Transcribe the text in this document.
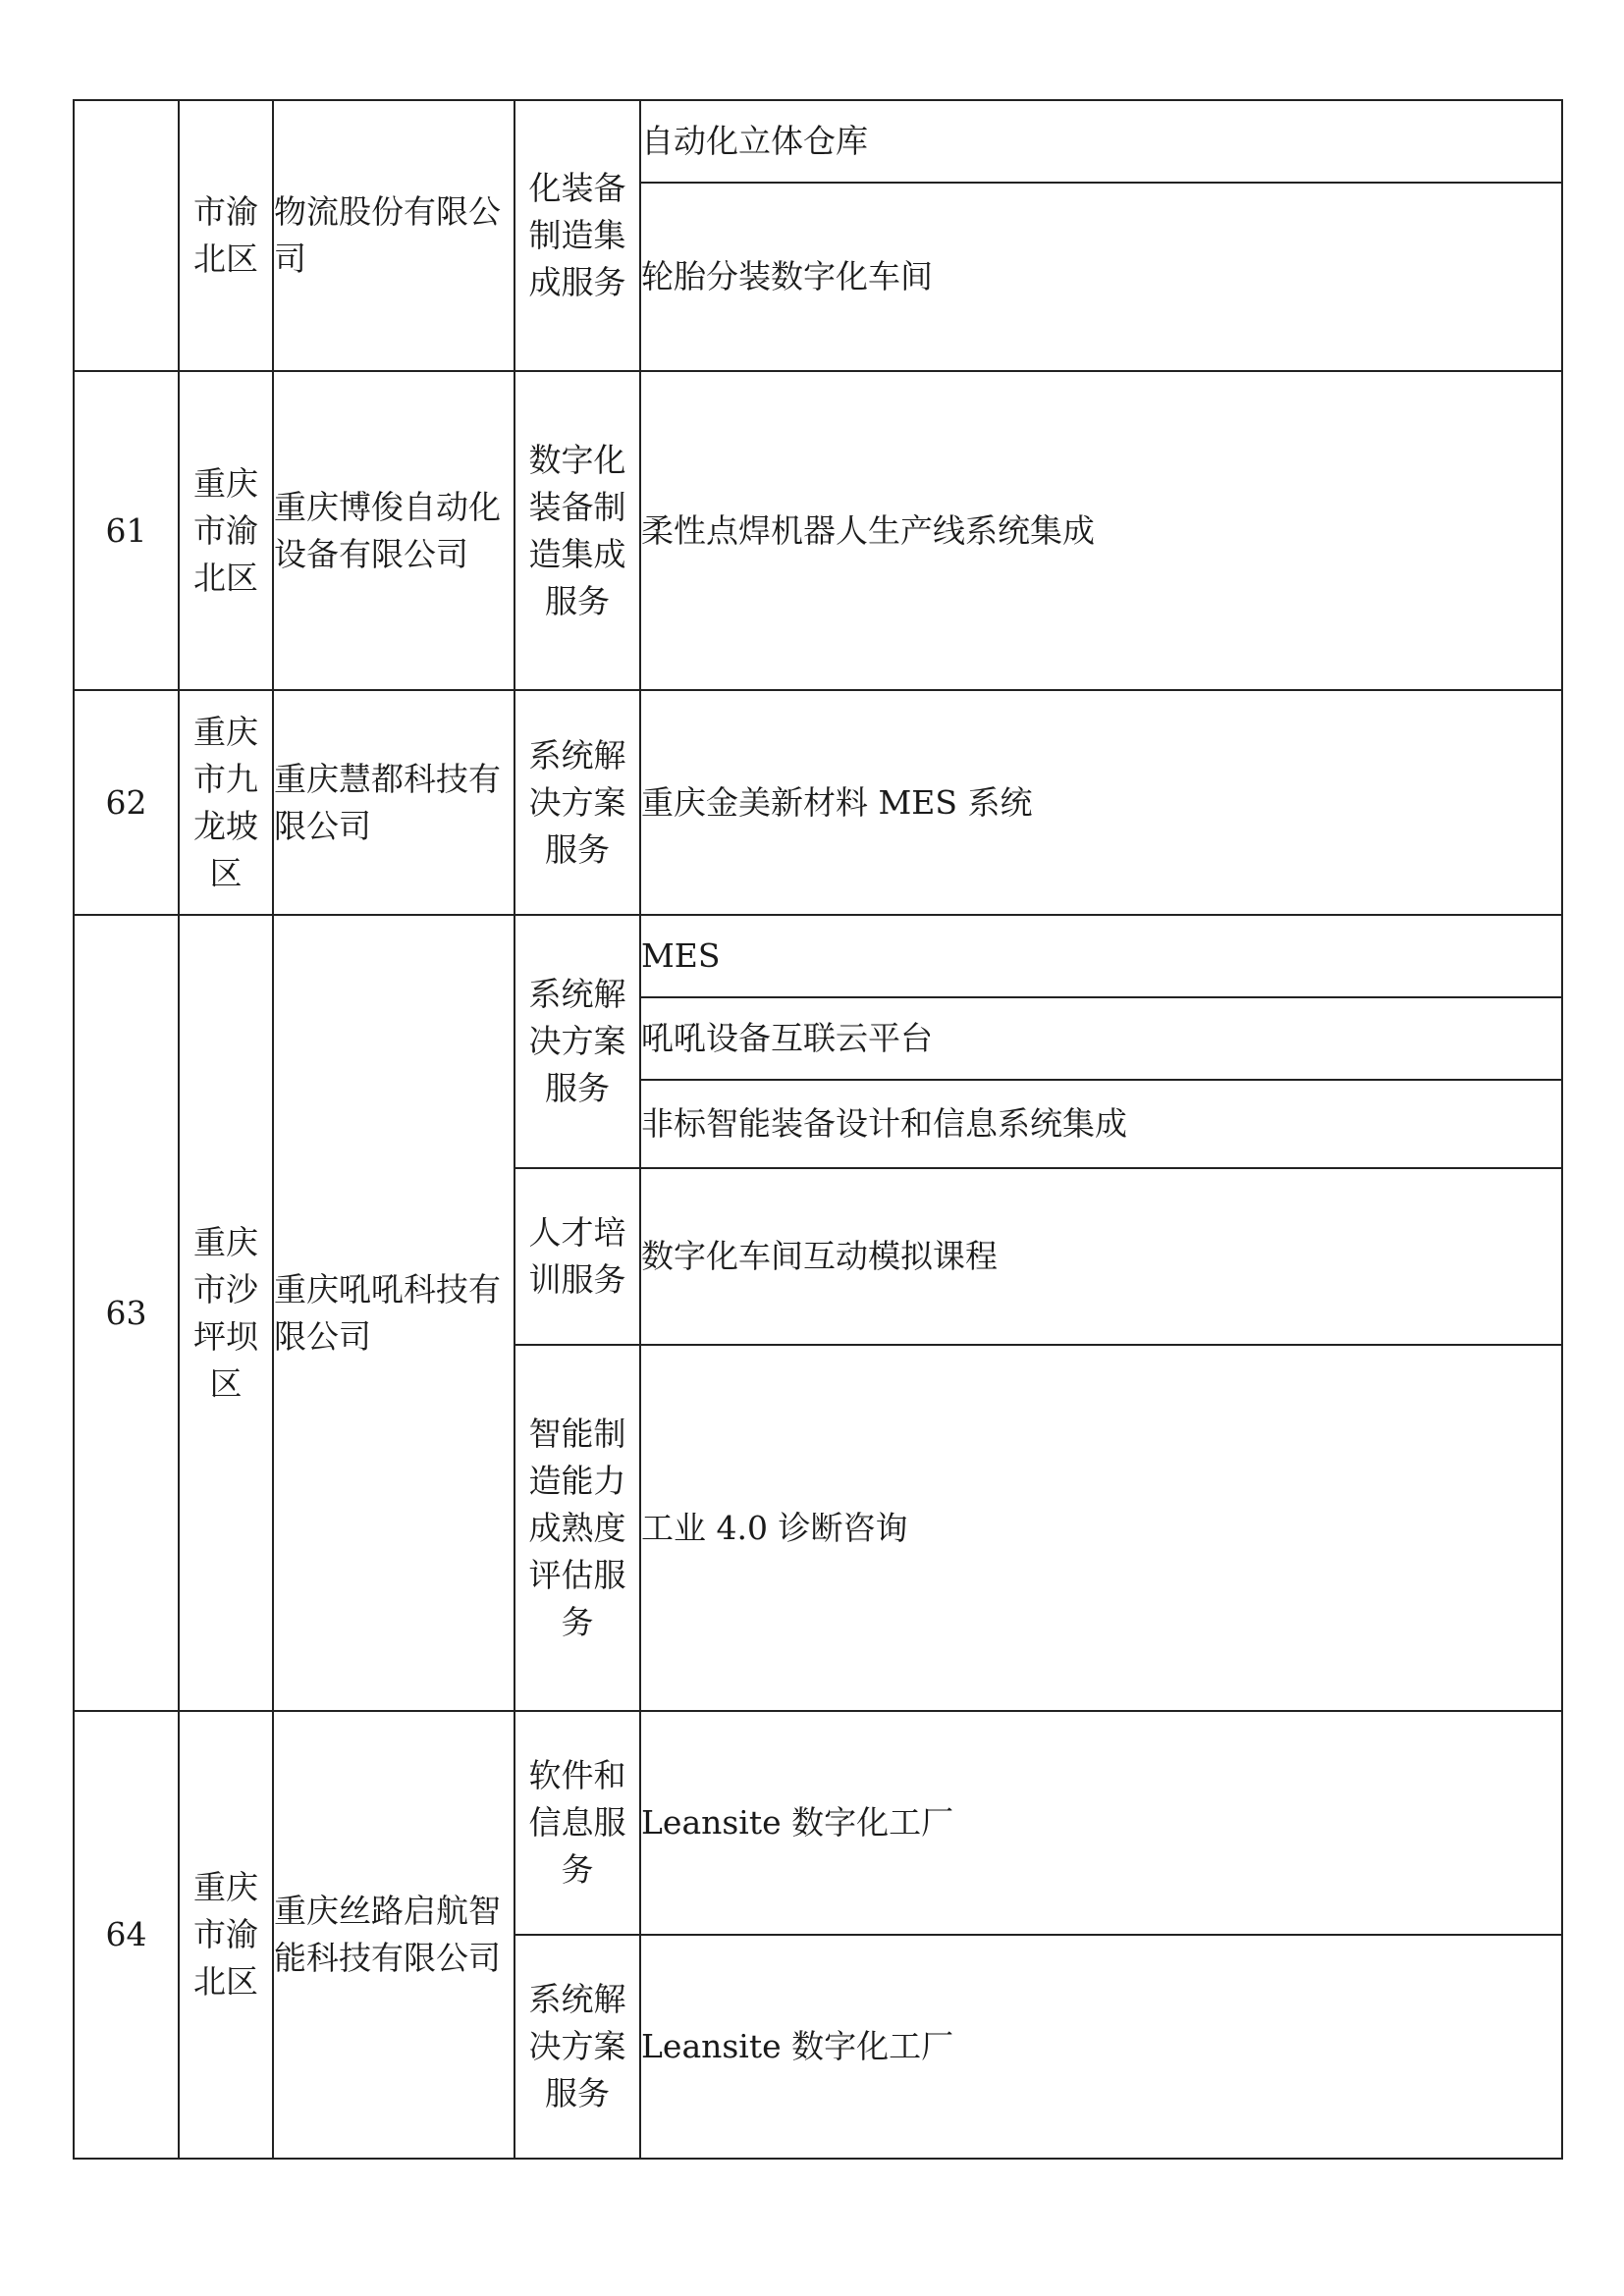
	市渝北区	物流股份有限公司	化装备制造集成服务	自动化立体仓库

				轮胎分装数字化车间

61	重庆市渝北区	重庆博俊自动化设备有限公司	数字化装备制造集成服务	柔性点焊机器人生产线系统集成

62	重庆市九龙坡区	重庆慧都科技有限公司	系统解决方案服务	重庆金美新材料 MES 系统

63	重庆市沙坪坝区	重庆吼吼科技有限公司	系统解决方案服务	MES

				吼吼设备互联云平台

				非标智能装备设计和信息系统集成

			人才培训服务	数字化车间互动模拟课程

			智能制造能力成熟度评估服务	工业 4.0 诊断咨询

64	重庆市渝北区	重庆丝路启航智能科技有限公司	软件和信息服务	Leansite 数字化工厂

			系统解决方案服务	Leansite 数字化工厂
